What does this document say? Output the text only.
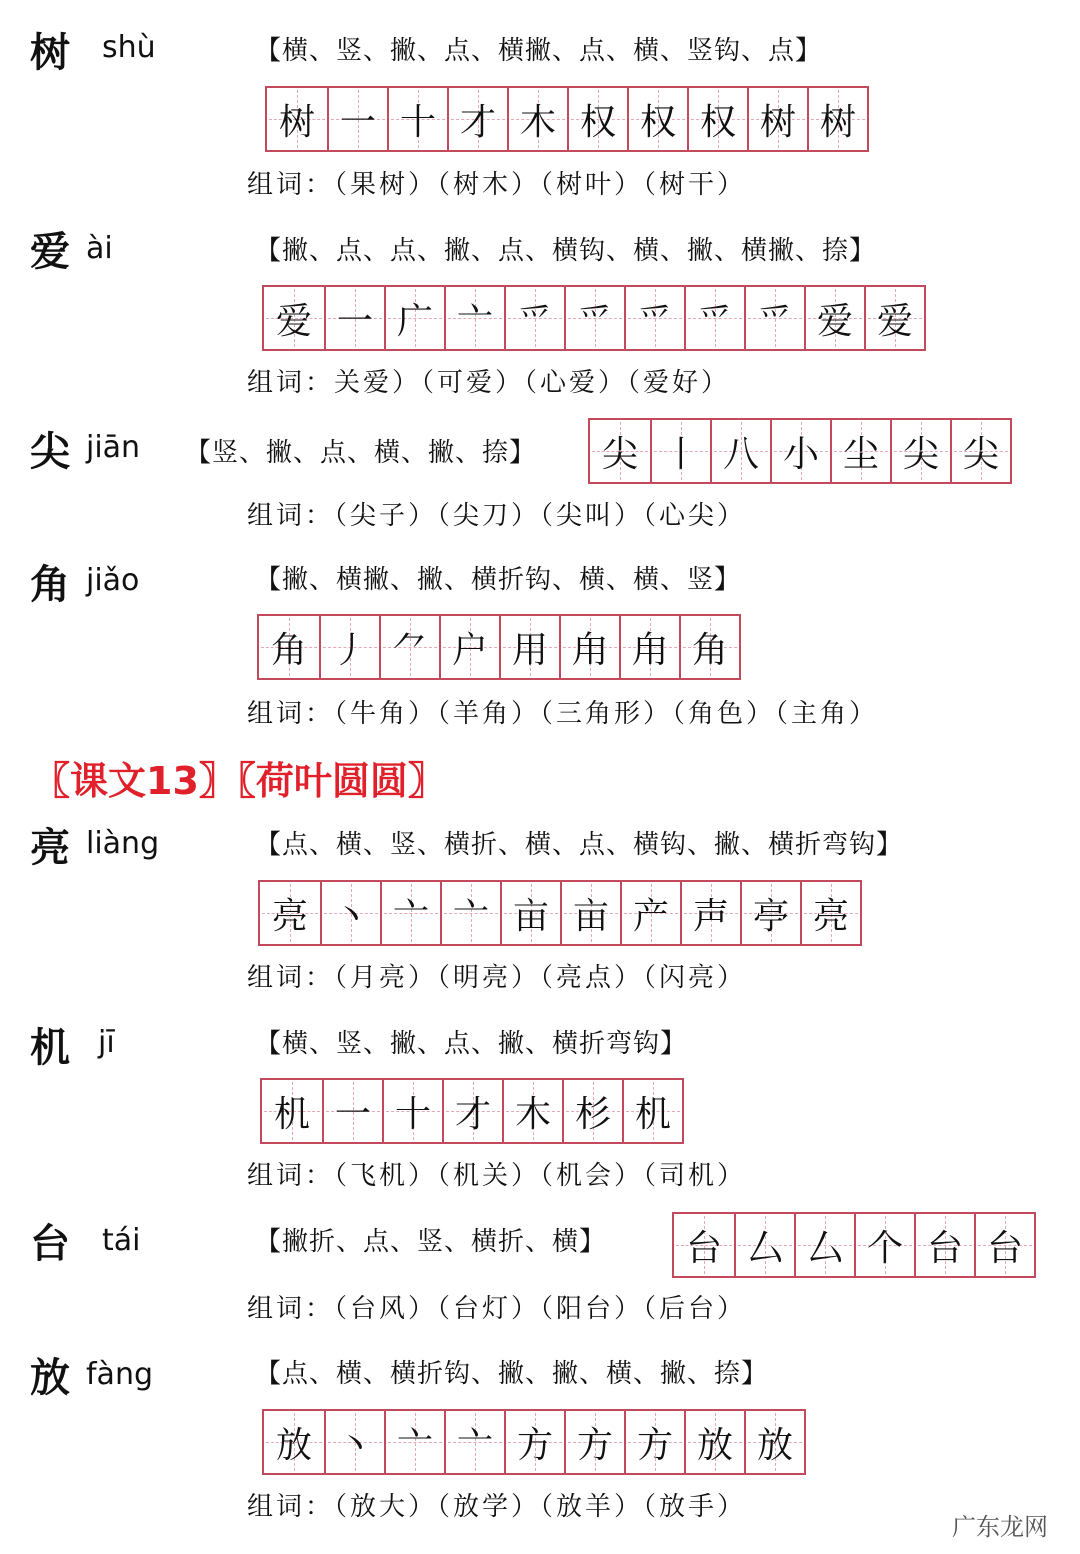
树 shù	【横、竖、撇、点、横撇、点、横、竖钩、点】
树 一 十 才 木 权 权 权 树 树
组词：（果树）（树木）（树叶）（树干）
爱 ài	【撇、点、点、撇、点、横钩、横、撇、横撇、捺】
爱 一 广 亠 爫 爫 爫 爫 爫 爱 爱
组词：关爱）（可爱）（心爱）（爱好）
尖 jiān 【竖、撇、点、横、撇、捺】 尖 丨 八 小 尘 尖 尖
组词：（尖子）（尖刀）（尖叫）（心尖）
角 jiǎo	【撇、横撇、撇、横折钩、横、横、竖】
角 丿 ⺈ 户 用 甪 甪 角
组词：（牛角）（羊角）（三角形）（角色）（主角）
〖课文13〗〖荷叶圆圆〗
亮 liàng	【点、横、竖、横折、横、点、横钩、撇、横折弯钩】
亮 丶 亠 亠 亩 亩 产 声 亭 亮
组词：（月亮）（明亮）（亮点）（闪亮）
机 jī	【横、竖、撇、点、撇、横折弯钩】
机 一 十 才 木 杉 机
组词：（飞机）（机关）（机会）（司机）
台 tái	【撇折、点、竖、横折、横】 台 厶 厶 个 台 台
组词：（台风）（台灯）（阳台）（后台）
放 fàng	【点、横、横折钩、撇、撇、横、撇、捺】
放 丶 亠 亠 方 方 方 放 放
组词：（放大）（放学）（放羊）（放手）
广东龙网
